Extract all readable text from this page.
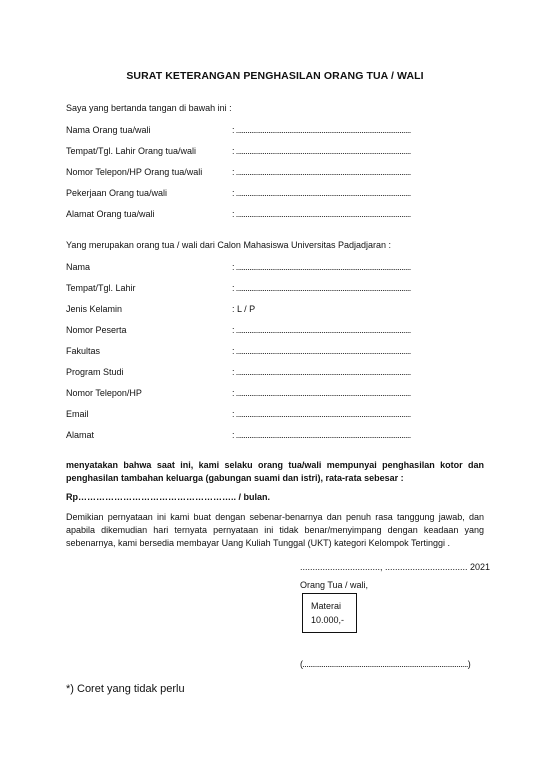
SURAT KETERANGAN PENGHASILAN ORANG TUA / WALI
Saya yang bertanda tangan di bawah ini :
Nama Orang tua/wali	: ............................................................................................
Tempat/Tgl. Lahir Orang tua/wali	: ............................................................................................
Nomor Telepon/HP Orang tua/wali	: ............................................................................................
Pekerjaan Orang tua/wali	: ............................................................................................
Alamat Orang tua/wali	: ............................................................................................
Yang merupakan orang tua / wali dari Calon Mahasiswa Universitas Padjadjaran :
Nama	: ............................................................................................
Tempat/Tgl. Lahir	: ............................................................................................
Jenis Kelamin	: L / P
Nomor Peserta	: ............................................................................................
Fakultas	: ............................................................................................
Program Studi	: ............................................................................................
Nomor Telepon/HP	: ............................................................................................
Email	: ............................................................................................
Alamat	: ............................................................................................
menyatakan bahwa saat ini, kami selaku orang tua/wali mempunyai penghasilan kotor dan penghasilan tambahan keluarga (gabungan suami dan istri), rata-rata sebesar :
Rp…………………………………………….. / bulan.
Demikian pernyataan ini kami buat dengan sebenar-benarnya dan penuh rasa tanggung jawab, dan apabila dikemudian hari ternyata pernyataan ini tidak benar/menyimpang dengan keadaan yang sebenarnya, kami bersedia membayar Uang Kuliah Tunggal (UKT) kategori Kelompok Tertinggi .
................................, ................................. 2021
Orang Tua / wali,
Materai
10.000,-
(.......................................................................................)
*) Coret yang tidak perlu
